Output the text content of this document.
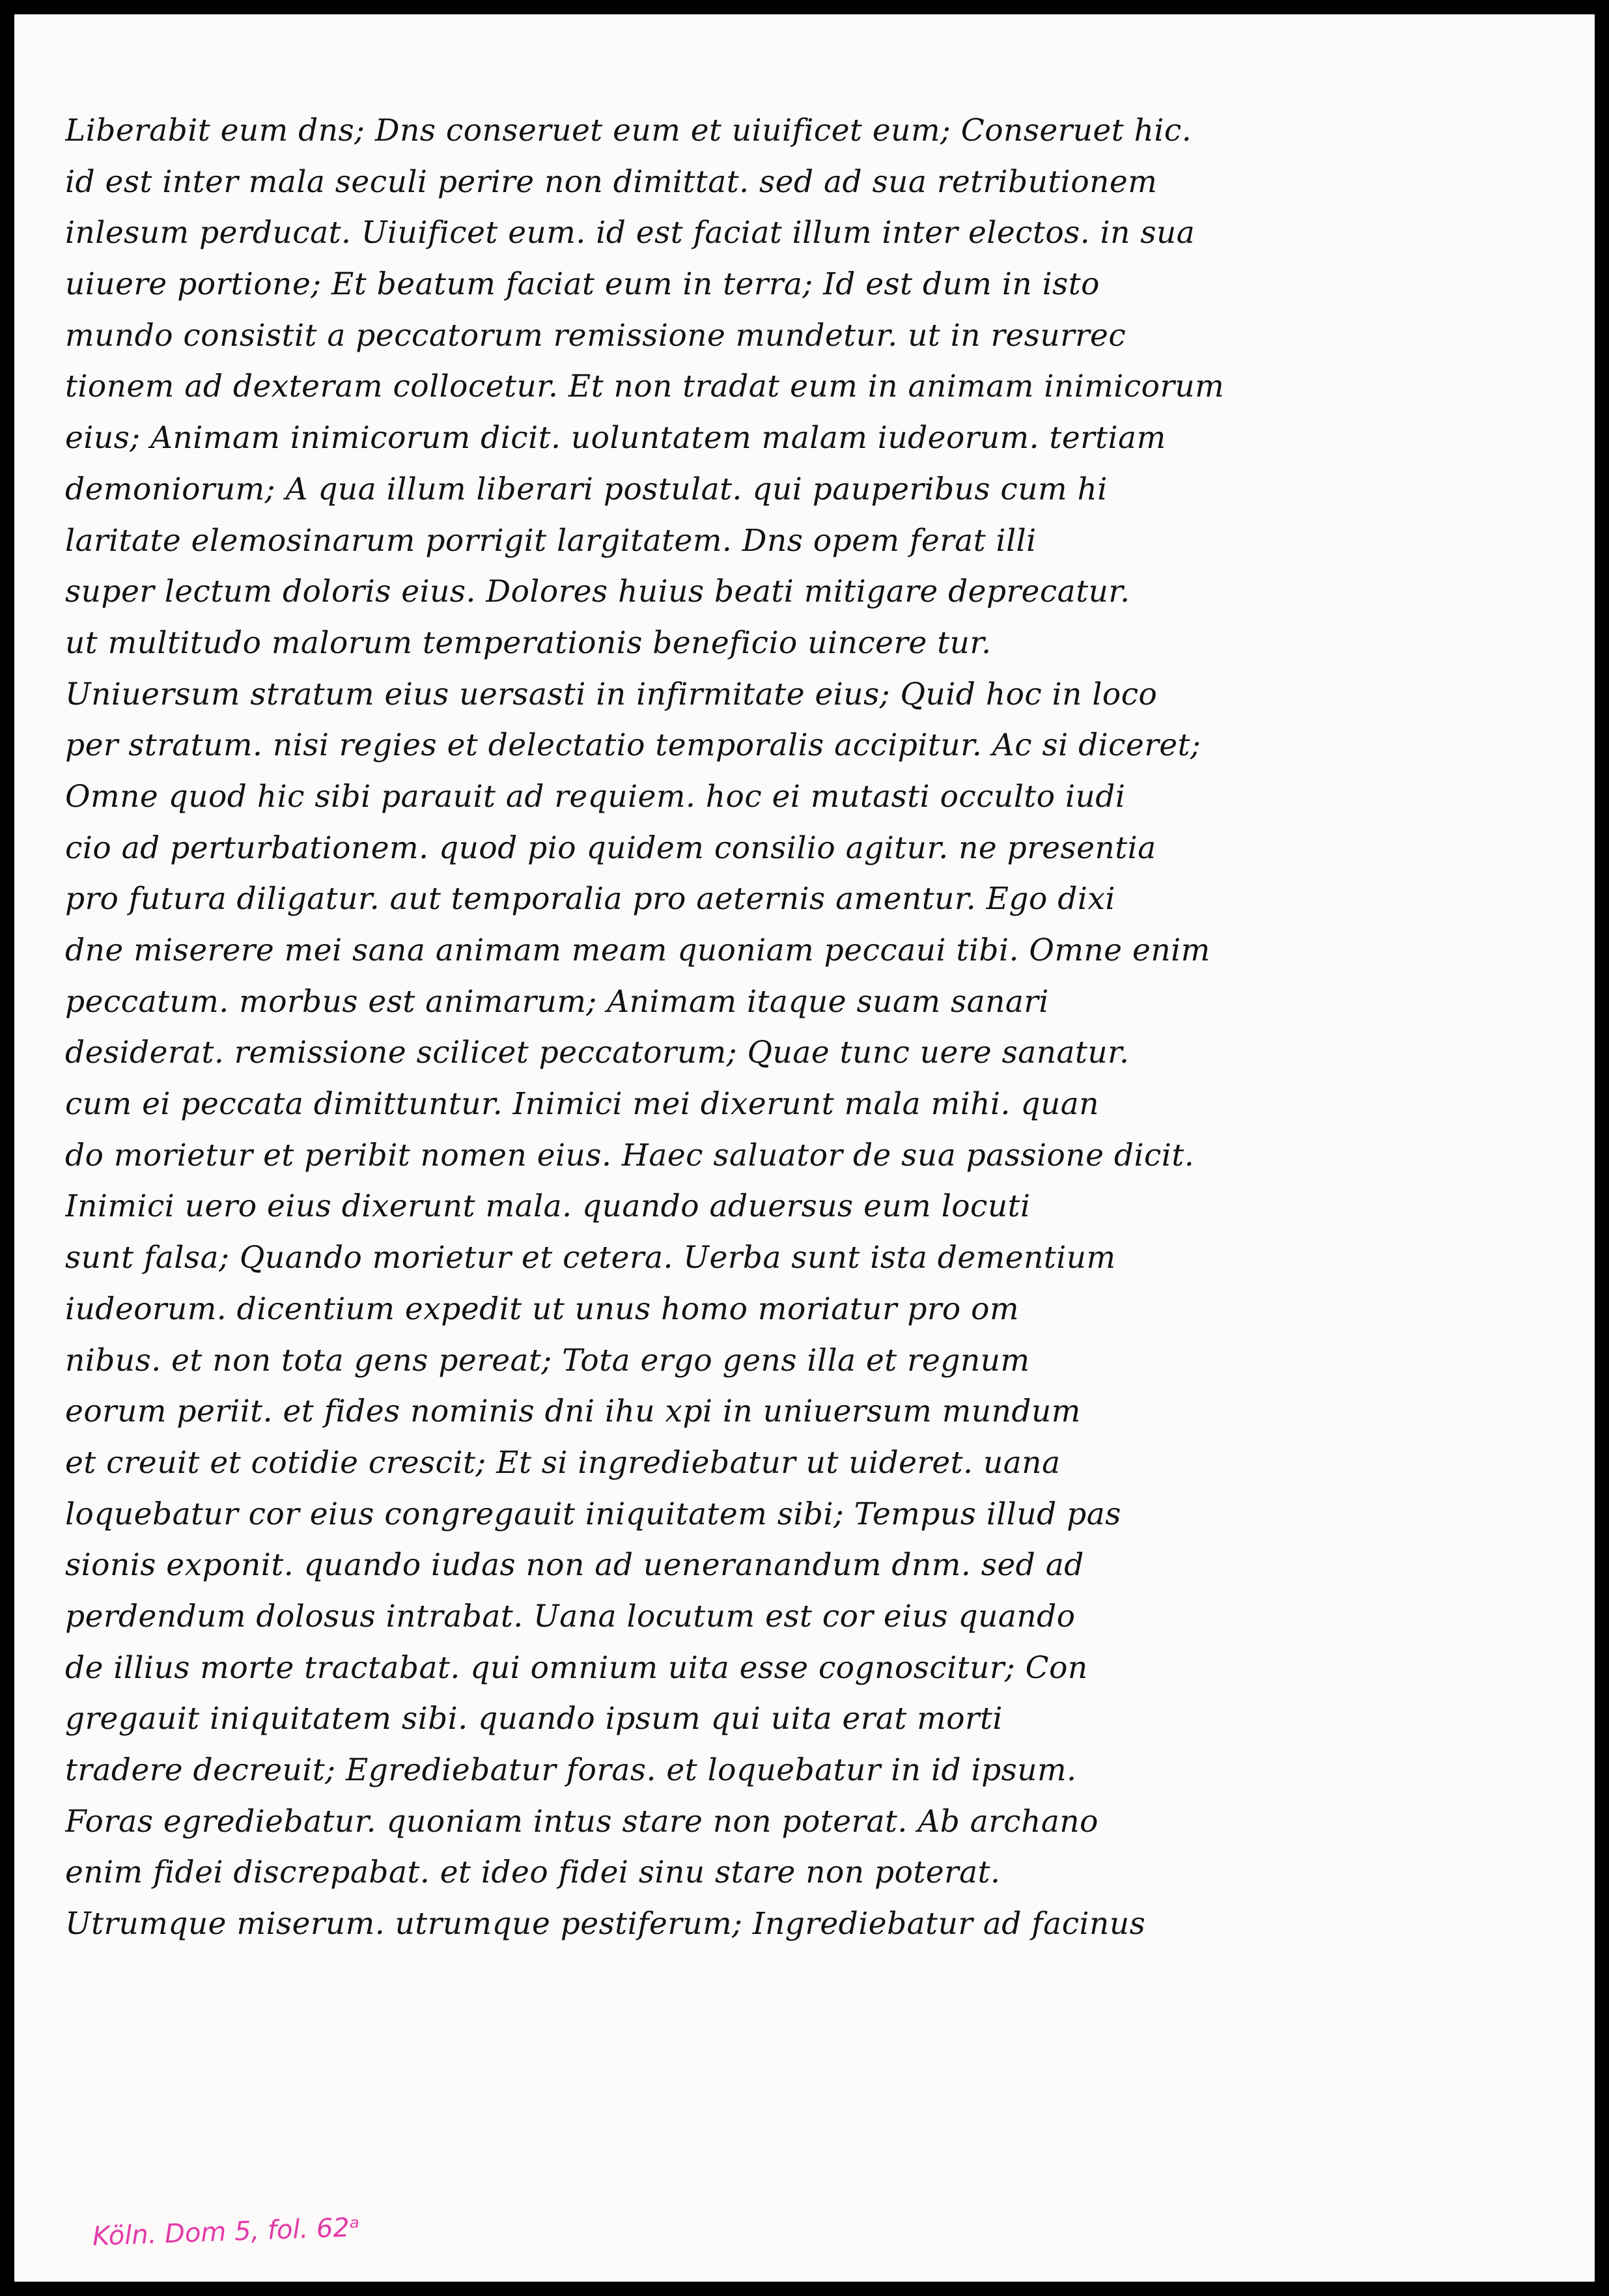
Liberabit eum dns; Dns conseruet eum et uiuificet eum; Conseruet hic.
id est inter mala seculi perire non dimittat. sed ad sua retributionem
inlesum perducat. Uiuificet eum. id est faciat illum inter electos. in sua
uiuere portione; Et beatum faciat eum in terra; Id est dum in isto
mundo consistit a peccatorum remissione mundetur. ut in resurrec
tionem ad dexteram collocetur. Et non tradat eum in animam inimicorum
eius; Animam inimicorum dicit. uoluntatem malam iudeorum. tertiam
demoniorum; A qua illum liberari postulat. qui pauperibus cum hi
laritate elemosinarum porrigit largitatem. Dns opem ferat illi
super lectum doloris eius. Dolores huius beati mitigare deprecatur.
ut multitudo malorum temperationis beneficio uincere tur.
Uniuersum stratum eius uersasti in infirmitate eius; Quid hoc in loco
per stratum. nisi regies et delectatio temporalis accipitur. Ac si diceret;
Omne quod hic sibi parauit ad requiem. hoc ei mutasti occulto iudi
cio ad perturbationem. quod pio quidem consilio agitur. ne presentia
pro futura diligatur. aut temporalia pro aeternis amentur. Ego dixi
dne miserere mei sana animam meam quoniam peccaui tibi. Omne enim
peccatum. morbus est animarum; Animam itaque suam sanari
desiderat. remissione scilicet peccatorum; Quae tunc uere sanatur.
cum ei peccata dimittuntur. Inimici mei dixerunt mala mihi. quan
do morietur et peribit nomen eius. Haec saluator de sua passione dicit.
Inimici uero eius dixerunt mala. quando aduersus eum locuti
sunt falsa; Quando morietur et cetera. Uerba sunt ista dementium
iudeorum. dicentium expedit ut unus homo moriatur pro om
nibus. et non tota gens pereat; Tota ergo gens illa et regnum
eorum periit. et fides nominis dni ihu xpi in uniuersum mundum
et creuit et cotidie crescit; Et si ingrediebatur ut uideret. uana
loquebatur cor eius congregauit iniquitatem sibi; Tempus illud pas
sionis exponit. quando iudas non ad ueneranandum dnm. sed ad
perdendum dolosus intrabat. Uana locutum est cor eius quando
de illius morte tractabat. qui omnium uita esse cognoscitur; Con
gregauit iniquitatem sibi. quando ipsum qui uita erat morti
tradere decreuit; Egrediebatur foras. et loquebatur in id ipsum.
Foras egrediebatur. quoniam intus stare non poterat. Ab archano
enim fidei discrepabat. et ideo fidei sinu stare non poterat.
Utrumque miserum. utrumque pestiferum; Ingrediebatur ad facinus
Köln. Dom 5, fol. 62ᵃ
